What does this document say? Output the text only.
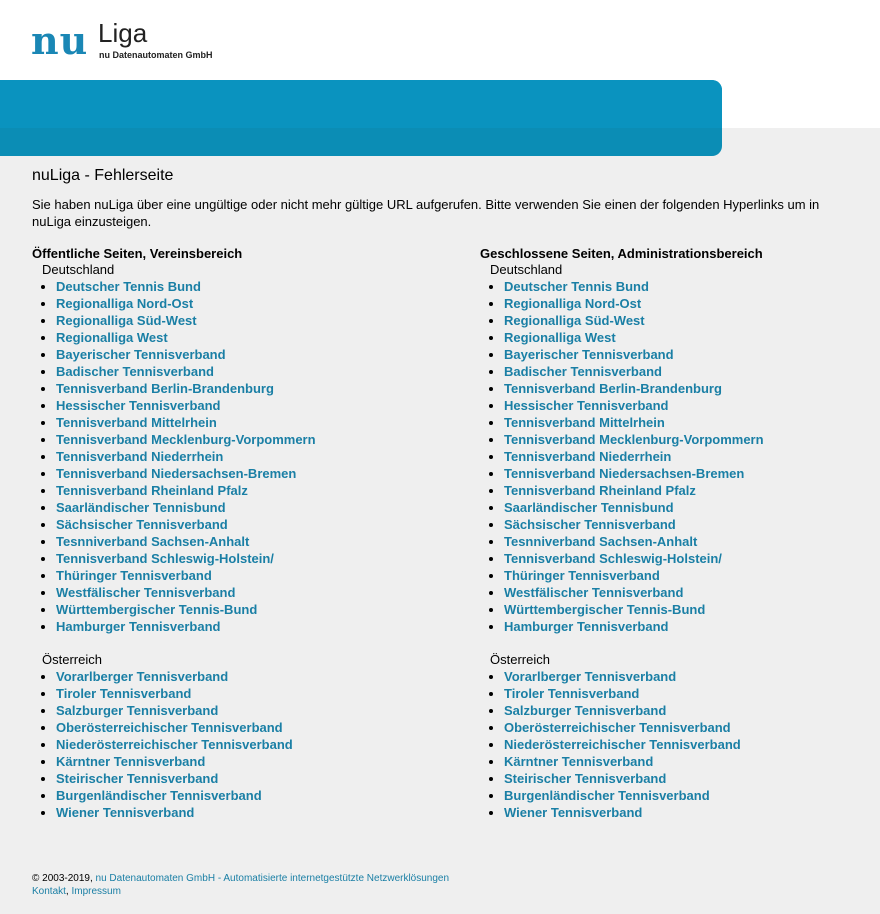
nu Liga
nu Datenautomaten GmbH
nuLiga - Fehlerseite

Sie haben nuLiga über eine ungültige oder nicht mehr gültige URL aufgerufen. Bitte verwenden Sie einen der folgenden Hyperlinks um in nuLiga einzusteigen.

Öffentliche Seiten, Vereinsbereich
Deutschland
• Deutscher Tennis Bund
• Regionalliga Nord-Ost
• Regionalliga Süd-West
• Regionalliga West
• Bayerischer Tennisverband
• Badischer Tennisverband
• Tennisverband Berlin-Brandenburg
• Hessischer Tennisverband
• Tennisverband Mittelrhein
• Tennisverband Mecklenburg-Vorpommern
• Tennisverband Niederrhein
• Tennisverband Niedersachsen-Bremen
• Tennisverband Rheinland Pfalz
• Saarländischer Tennisbund
• Sächsischer Tennisverband
• Tesnniverband Sachsen-Anhalt
• Tennisverband Schleswig-Holstein/
• Thüringer Tennisverband
• Westfälischer Tennisverband
• Württembergischer Tennis-Bund
• Hamburger Tennisverband
Österreich
• Vorarlberger Tennisverband
• Tiroler Tennisverband
• Salzburger Tennisverband
• Oberösterreichischer Tennisverband
• Niederösterreichischer Tennisverband
• Kärntner Tennisverband
• Steirischer Tennisverband
• Burgenländischer Tennisverband
• Wiener Tennisverband
Geschlossene Seiten, Administrationsbereich
Deutschland
• Deutscher Tennis Bund
• Regionalliga Nord-Ost
• Regionalliga Süd-West
• Regionalliga West
• Bayerischer Tennisverband
• Badischer Tennisverband
• Tennisverband Berlin-Brandenburg
• Hessischer Tennisverband
• Tennisverband Mittelrhein
• Tennisverband Mecklenburg-Vorpommern
• Tennisverband Niederrhein
• Tennisverband Niedersachsen-Bremen
• Tennisverband Rheinland Pfalz
• Saarländischer Tennisbund
• Sächsischer Tennisverband
• Tesnniverband Sachsen-Anhalt
• Tennisverband Schleswig-Holstein/
• Thüringer Tennisverband
• Westfälischer Tennisverband
• Württembergischer Tennis-Bund
• Hamburger Tennisverband
Österreich
• Vorarlberger Tennisverband
• Tiroler Tennisverband
• Salzburger Tennisverband
• Oberösterreichischer Tennisverband
• Niederösterreichischer Tennisverband
• Kärntner Tennisverband
• Steirischer Tennisverband
• Burgenländischer Tennisverband
• Wiener Tennisverband
© 2003-2019, nu Datenautomaten GmbH - Automatisierte internetgestützte Netzwerklösungen
Kontakt, Impressum
